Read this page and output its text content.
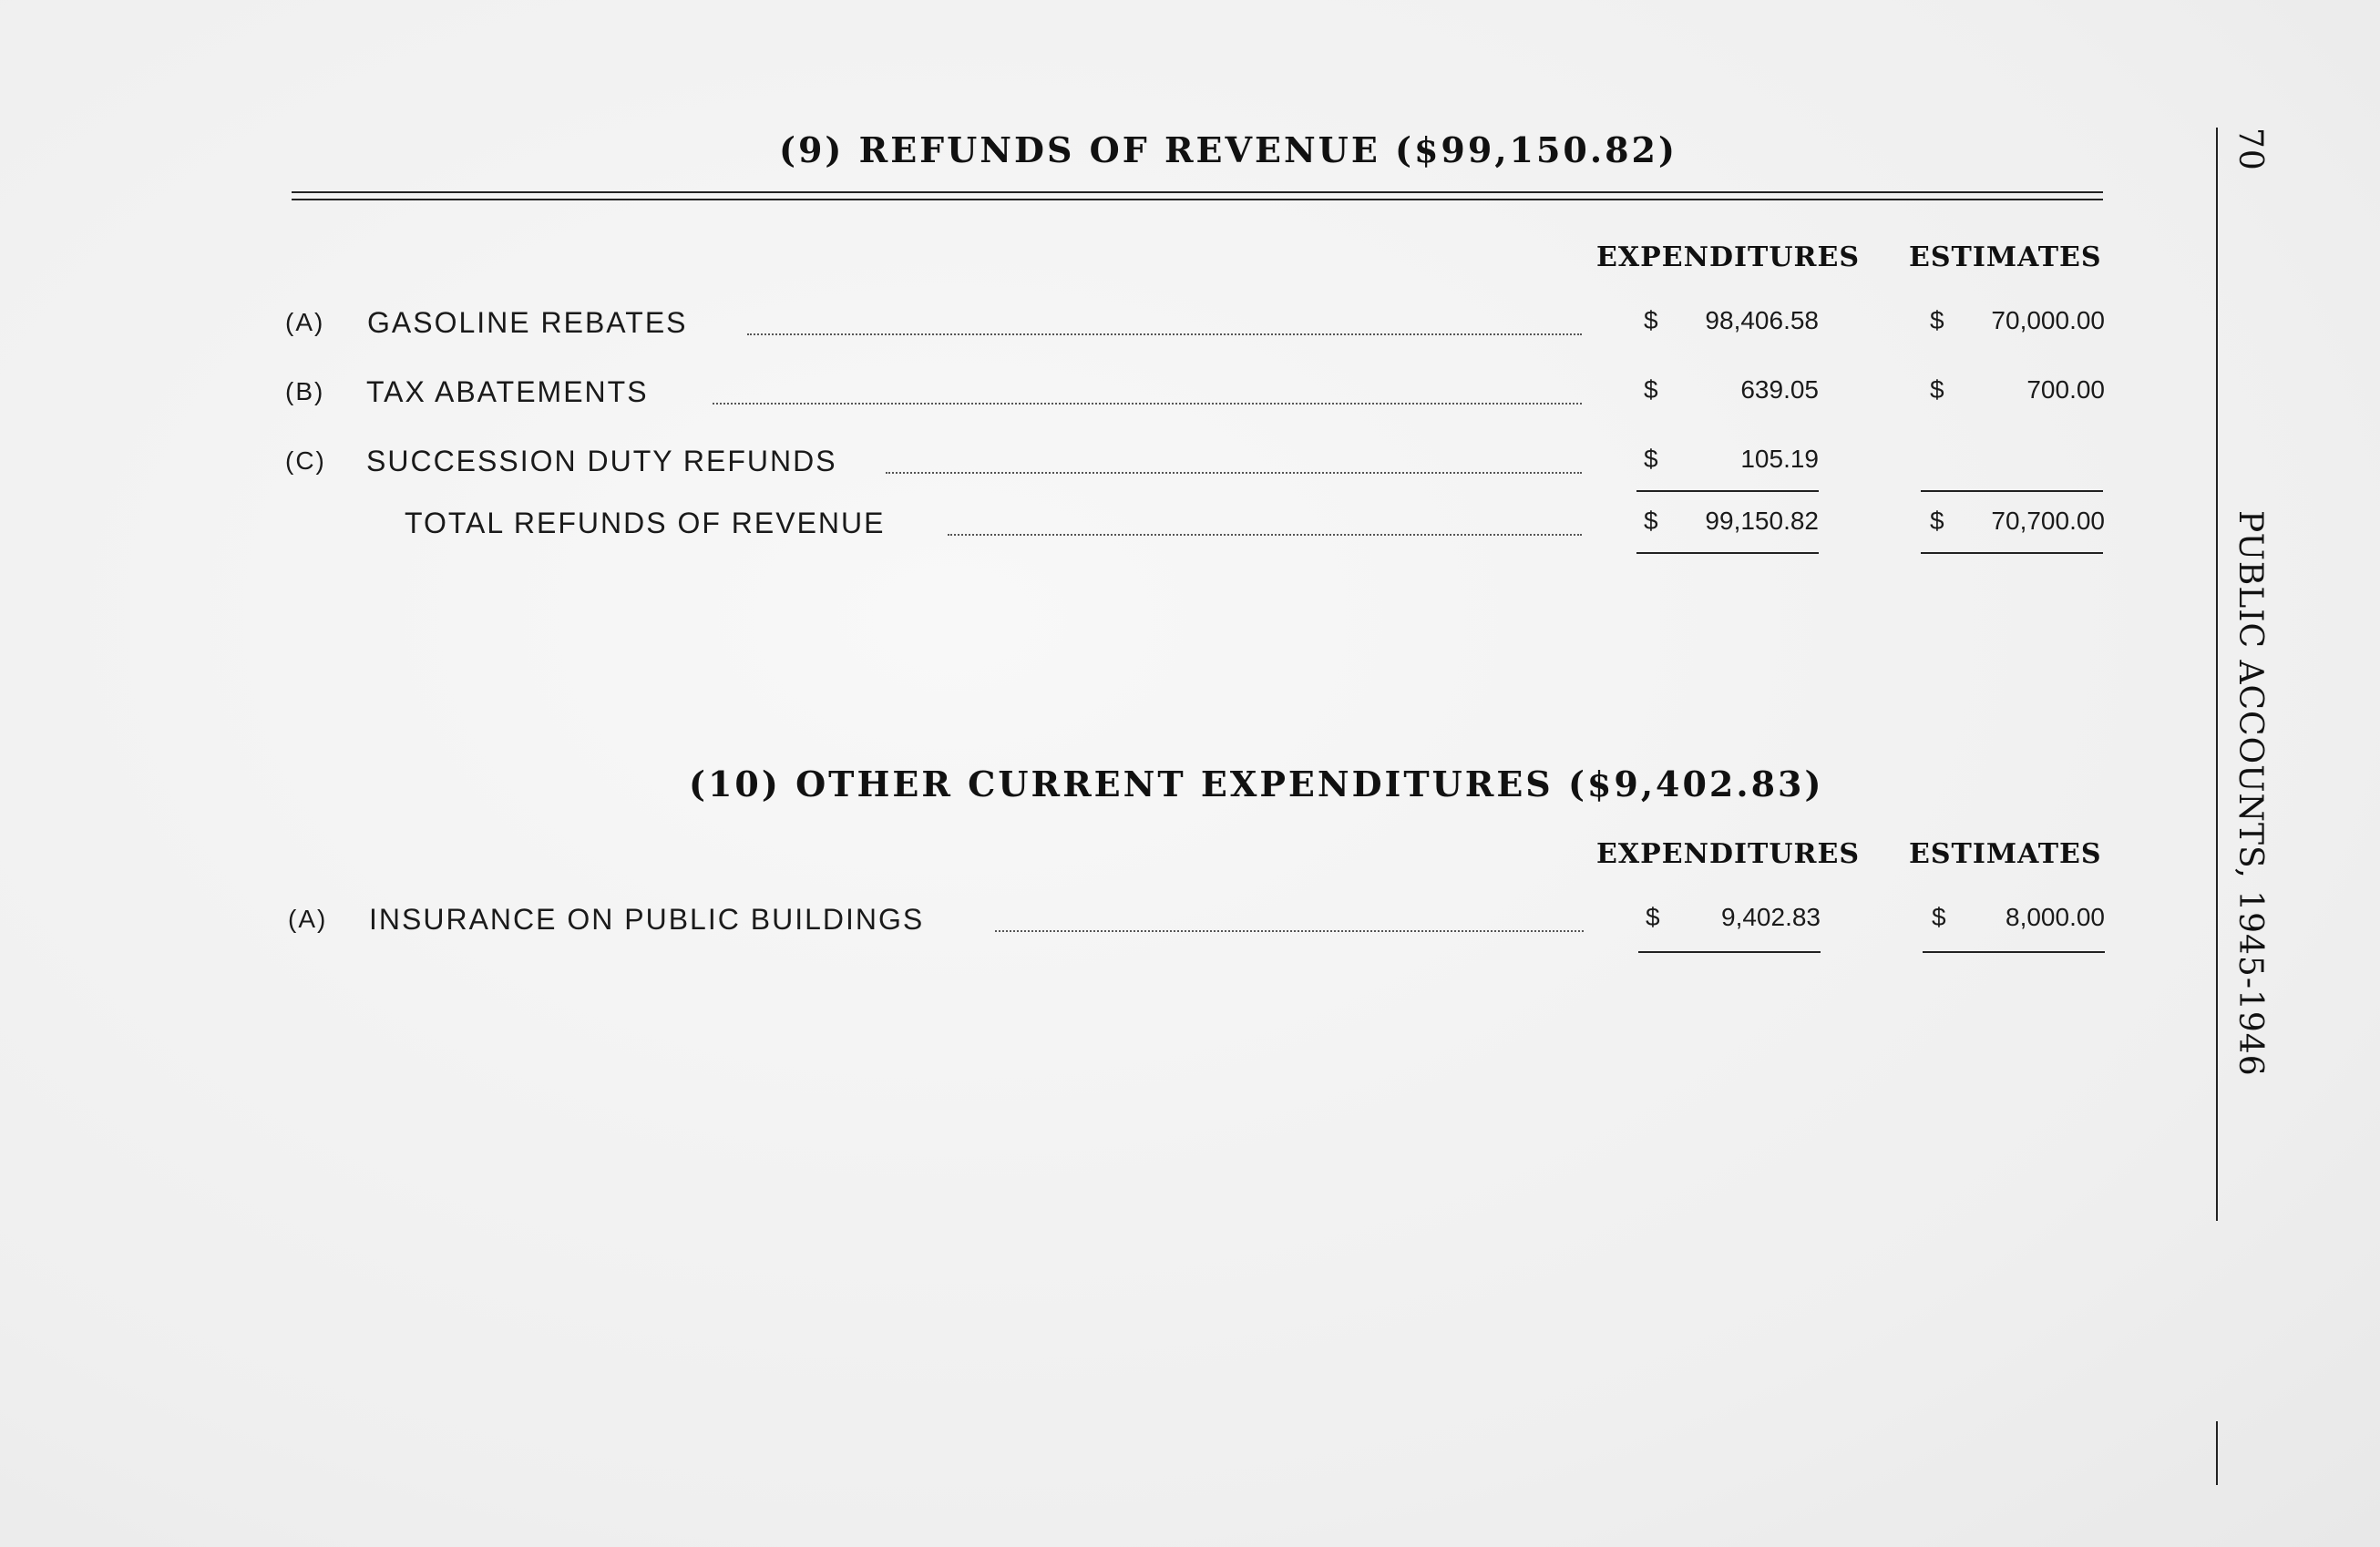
70
PUBLIC ACCOUNTS, 1945-1946
(9) REFUNDS OF REVENUE ($99,150.82)
EXPENDITURES ESTIMATES
(A) GASOLINE REBATES	$	98,406.58	$	70,000.00
(B) TAX ABATEMENTS	$	639.05	$	700.00
(C) SUCCESSION DUTY REFUNDS	$	105.19
TOTAL REFUNDS OF REVENUE	$	99,150.82	$	70,700.00
(10) OTHER CURRENT EXPENDITURES ($9,402.83)
EXPENDITURES ESTIMATES
(A) INSURANCE ON PUBLIC BUILDINGS	$	9,402.83	$	8,000.00
